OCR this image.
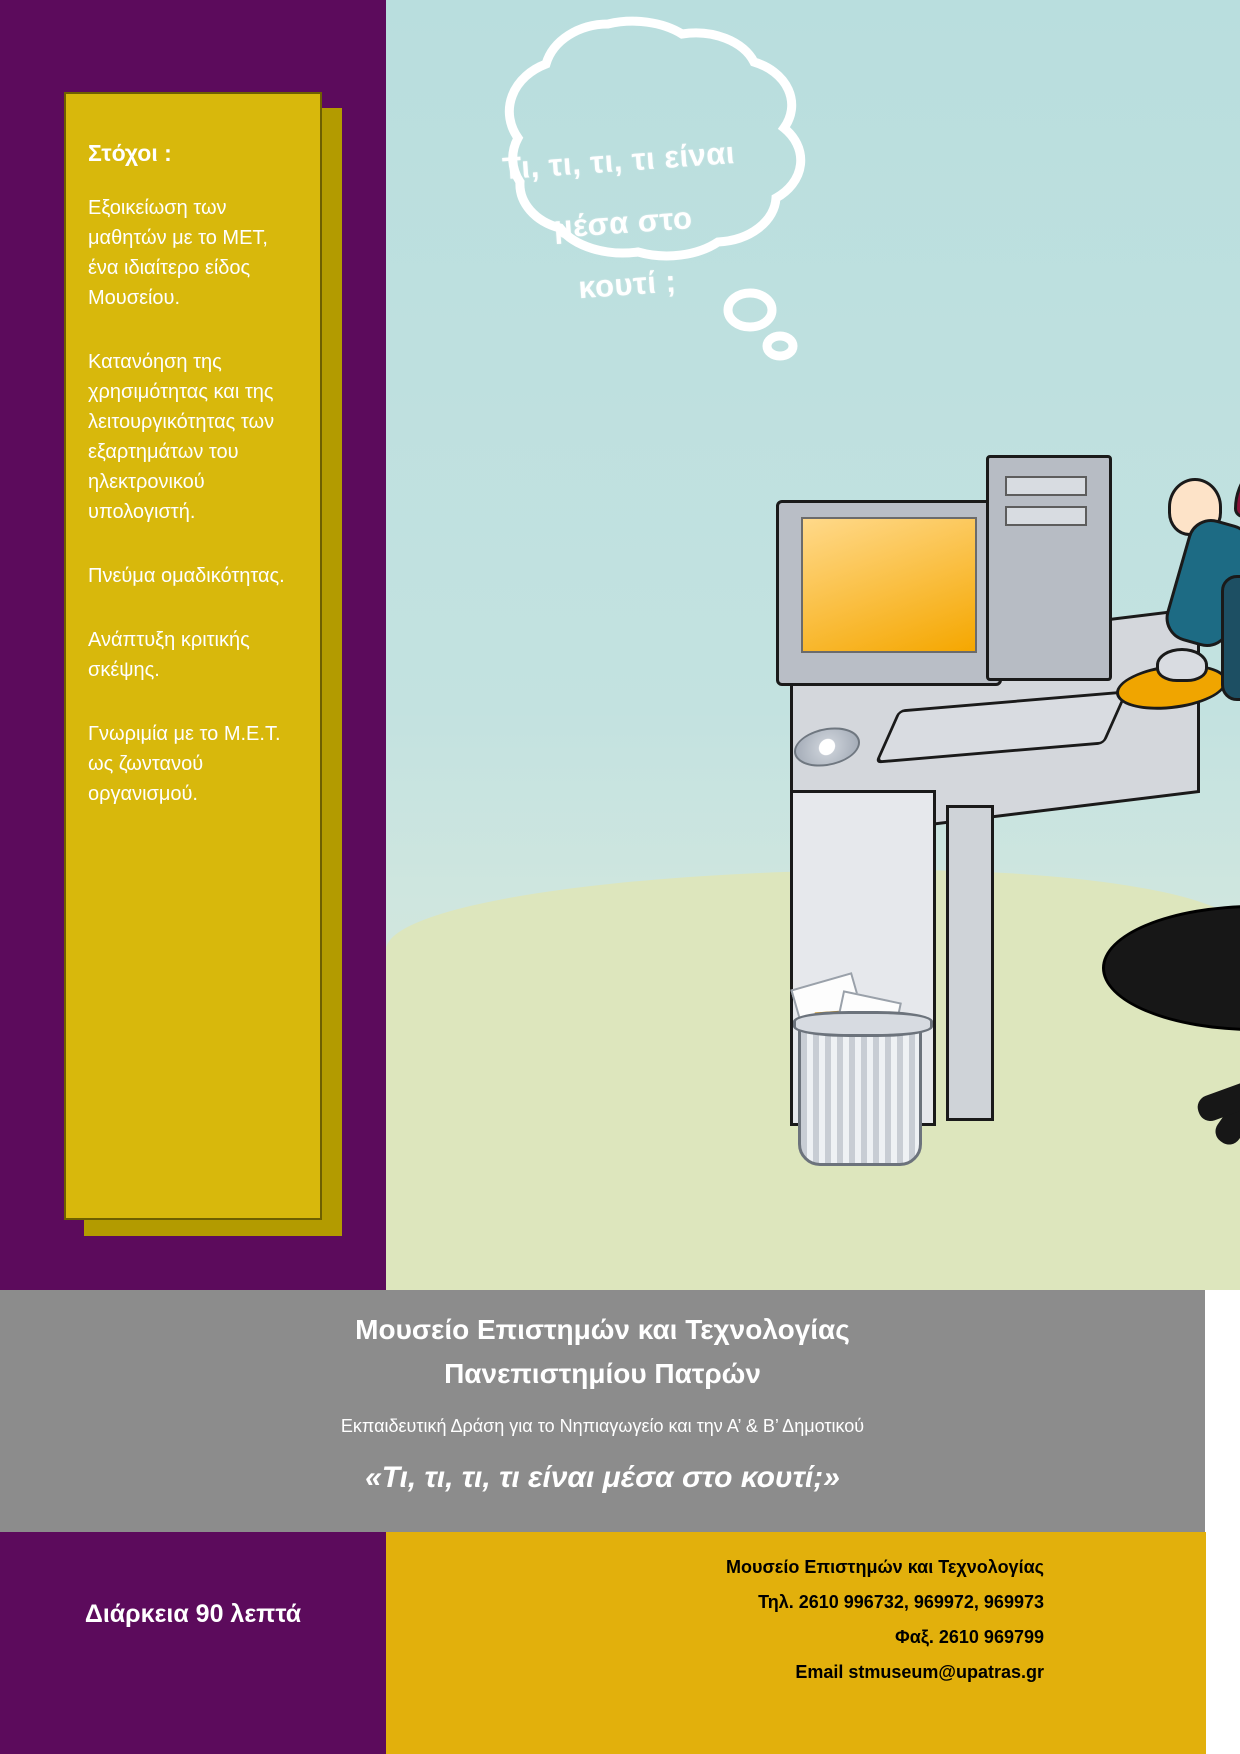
Τι, τι, τι, τι είναι
μέσα στο
κουτί ;
Στόχοι :

Εξοικείωση των μαθητών με το ΜΕΤ, ένα ιδιαίτερο είδος Μουσείου.

Κατανόηση της χρησιμότητας και της λειτουργικότητας των εξαρτημάτων του ηλεκτρονικού υπολογιστή.

Πνεύμα ομαδικότητας.

Ανάπτυξη κριτικής σκέψης.

Γνωριμία με το Μ.Ε.Τ. ως ζωντανού οργανισμού.

Μουσείο Επιστημών και Τεχνολογίας
Πανεπιστημίου Πατρών
Εκπαιδευτική Δράση για το Νηπιαγωγείο και την Α’ & Β’ Δημοτικού
«Τι, τι, τι, τι είναι μέσα στο κουτί;»
Διάρκεια 90 λεπτά
Μουσείο Επιστημών και Τεχνολογίας
Τηλ. 2610 996732, 969972, 969973
Φαξ. 2610 969799
Email stmuseum@upatras.gr
